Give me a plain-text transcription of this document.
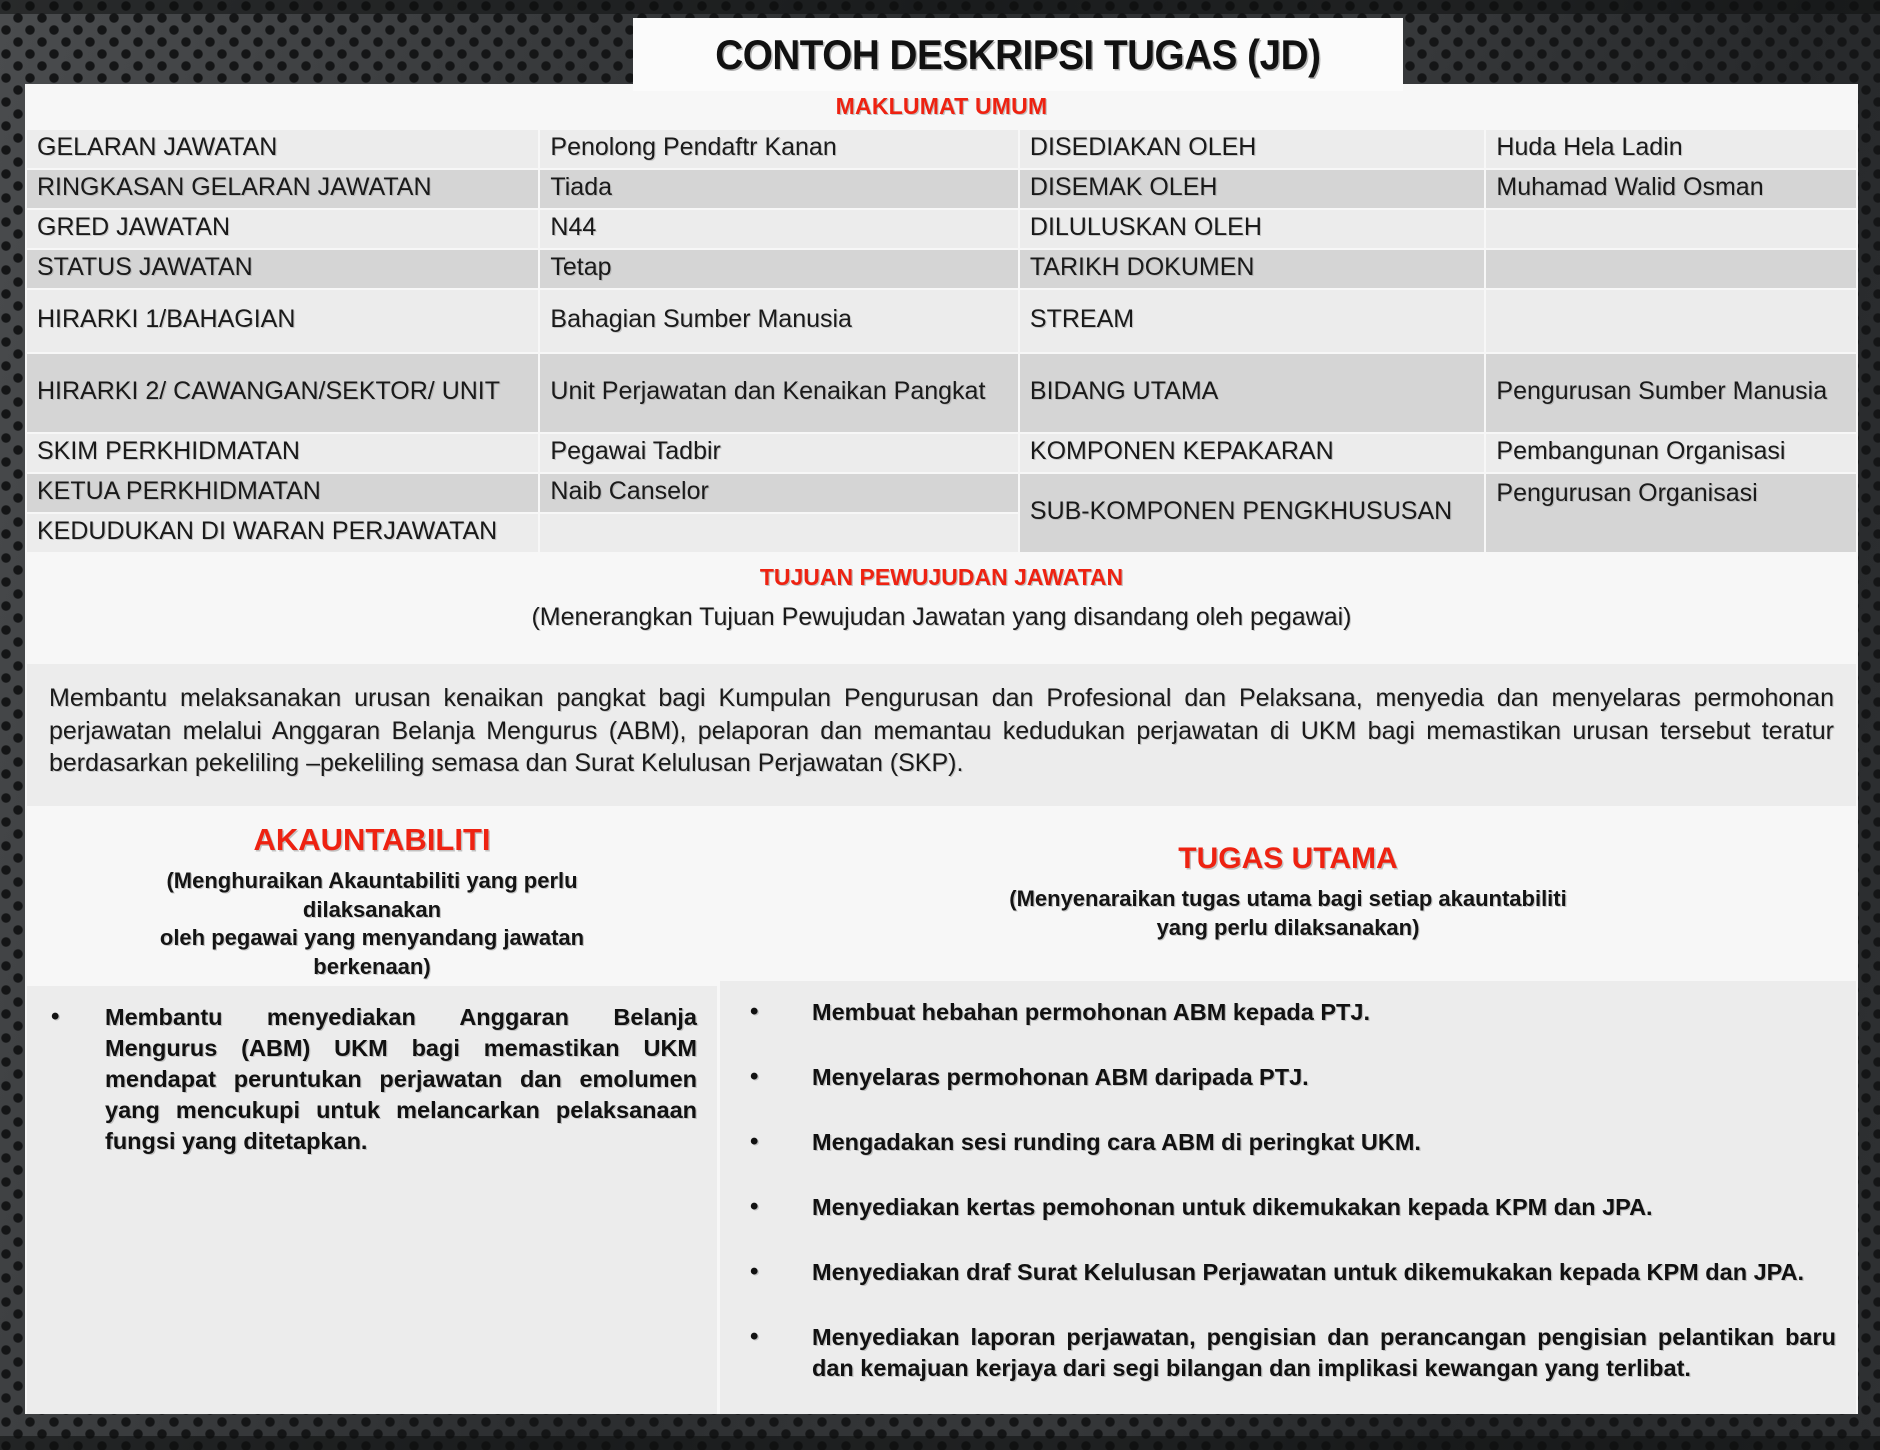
CONTOH DESKRIPSI TUGAS (JD)
MAKLUMAT UMUM
GELARAN JAWATAN	Penolong Pendaftr Kanan	DISEDIAKAN OLEH	Huda Hela Ladin
RINGKASAN GELARAN JAWATAN	Tiada	DISEMAK OLEH	Muhamad Walid Osman
GRED JAWATAN	N44	DILULUSKAN OLEH	
STATUS JAWATAN	Tetap	TARIKH DOKUMEN	
HIRARKI 1/BAHAGIAN	Bahagian Sumber Manusia	STREAM	
HIRARKI 2/ CAWANGAN/SEKTOR/ UNIT	Unit Perjawatan dan Kenaikan Pangkat	BIDANG UTAMA	Pengurusan Sumber Manusia
SKIM PERKHIDMATAN	Pegawai Tadbir	KOMPONEN KEPAKARAN	Pembangunan Organisasi
KETUA PERKHIDMATAN	Naib Canselor	SUB-KOMPONEN PENGKHUSUSAN	Pengurusan Organisasi
KEDUDUKAN DI WARAN PERJAWATAN			
TUJUAN PEWUJUDAN JAWATAN
(Menerangkan Tujuan Pewujudan Jawatan yang disandang oleh pegawai)
Membantu melaksanakan urusan kenaikan pangkat bagi Kumpulan Pengurusan dan Profesional dan Pelaksana, menyedia dan menyelaras permohonan perjawatan melalui Anggaran Belanja Mengurus (ABM), pelaporan dan memantau kedudukan perjawatan di UKM bagi memastikan urusan tersebut teratur berdasarkan pekeliling –pekeliling semasa dan Surat Kelulusan Perjawatan (SKP).
AKAUNTABILITI
(Menghuraikan Akauntabiliti yang perlu
dilaksanakan
oleh pegawai yang menyandang jawatan
berkenaan)
• Membantu menyediakan Anggaran Belanja Mengurus (ABM) UKM bagi memastikan UKM mendapat peruntukan perjawatan dan emolumen yang mencukupi untuk melancarkan pelaksanaan fungsi yang ditetapkan.
TUGAS UTAMA
(Menyenaraikan tugas utama bagi setiap akauntabiliti
yang perlu dilaksanakan)
• Membuat hebahan permohonan ABM kepada PTJ.
• Menyelaras permohonan ABM daripada PTJ.
• Mengadakan sesi runding cara ABM di peringkat UKM.
• Menyediakan kertas pemohonan untuk dikemukakan kepada KPM dan JPA.
• Menyediakan draf Surat Kelulusan Perjawatan untuk dikemukakan kepada KPM dan JPA.
• Menyediakan laporan perjawatan, pengisian dan perancangan pengisian pelantikan baru dan kemajuan kerjaya dari segi bilangan dan implikasi kewangan yang terlibat.
